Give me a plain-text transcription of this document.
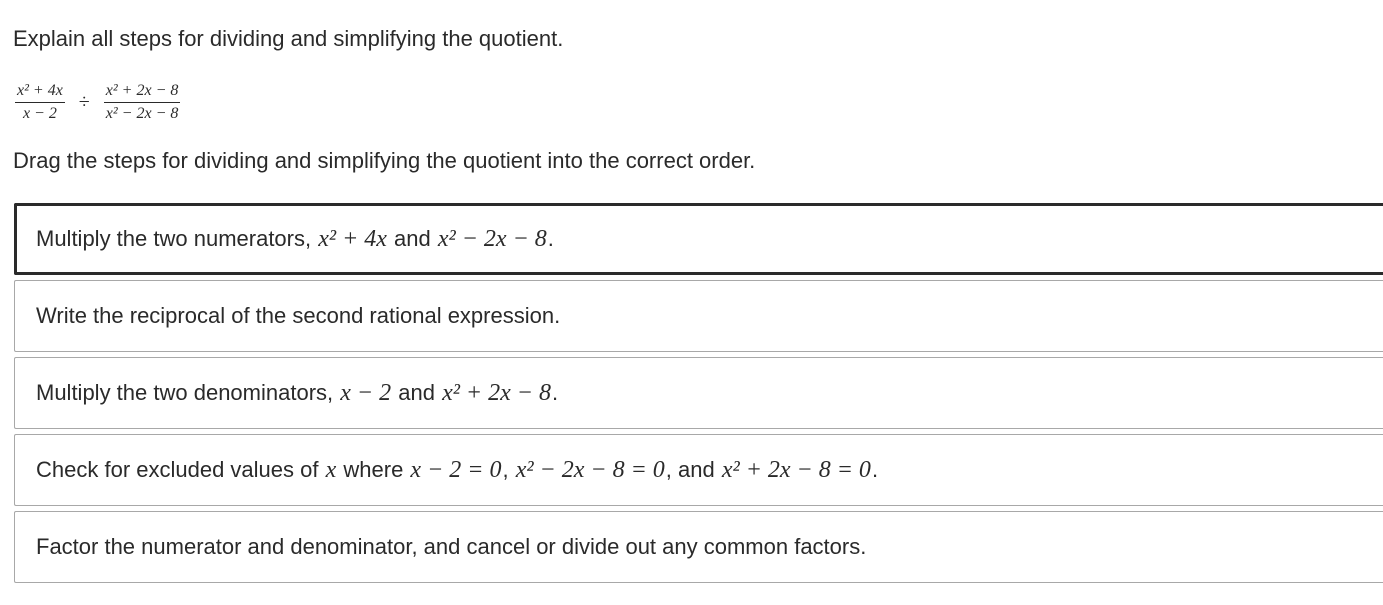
Explain all steps for dividing and simplifying the quotient.
$\frac{\text{x² + 4x}}{x - 2} \div \frac{\text{x² + 2x − 8}}{\text{x² − 2x − 8}}$
Drag the steps for dividing and simplifying the quotient into the correct order.
Multiply the two numerators, x² + 4x and x² − 2x − 8 .
Write the reciprocal of the second rational expression.
Multiply the two denominators, x − 2 and x² + 2x − 8 .
Check for excluded values of x where x − 2 = 0 , x² − 2x − 8 = 0 , and x² + 2x − 8 = 0 .
Factor the numerator and denominator, and cancel or divide out any common factors.
